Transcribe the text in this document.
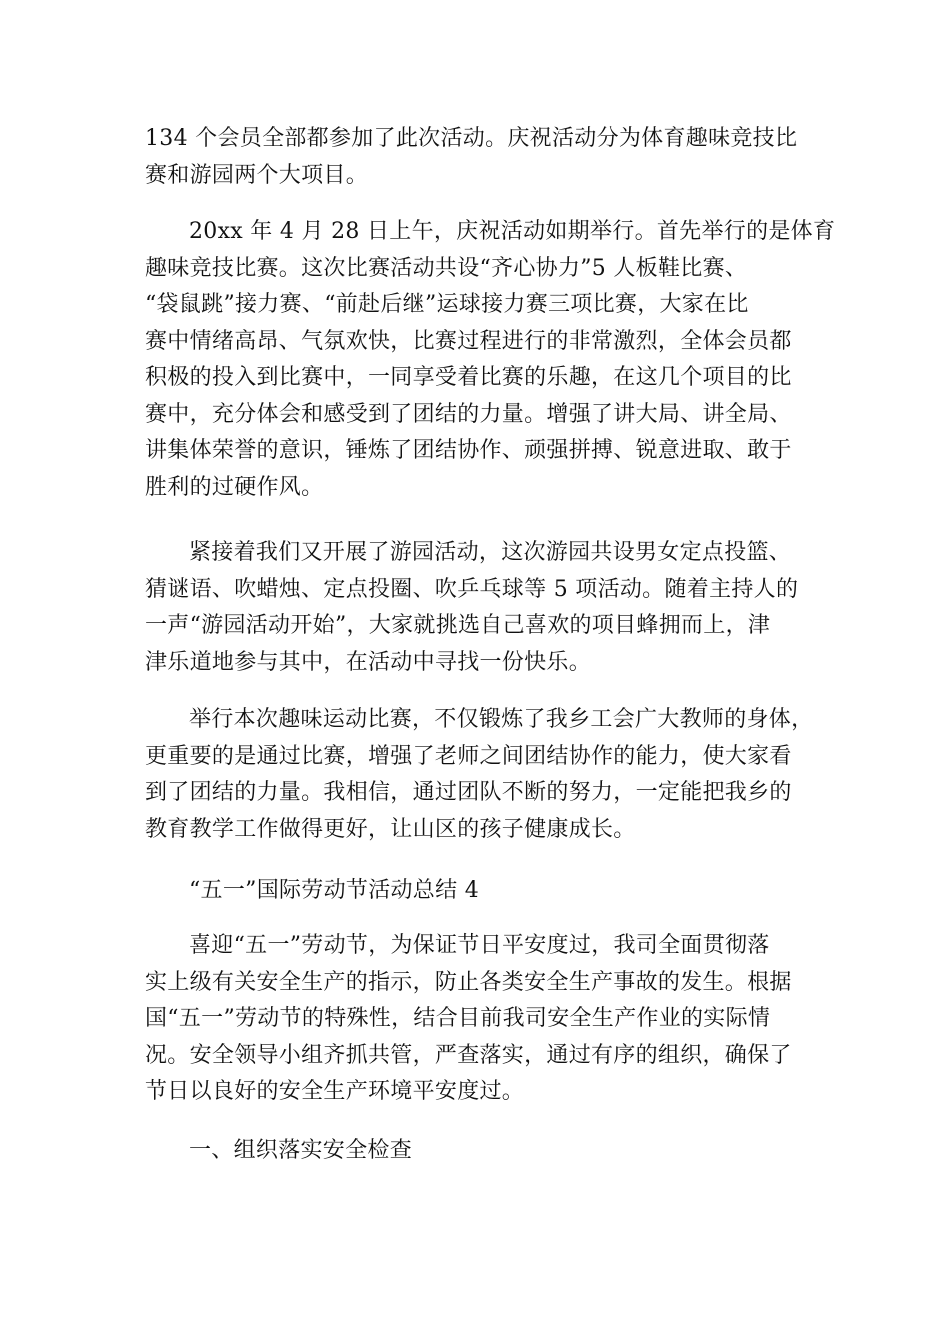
134 个会员全部都参加了此次活动。庆祝活动分为体育趣味竞技比
赛和游园两个大项目。
20xx 年 4 月 28 日上午，庆祝活动如期举行。首先举行的是体育
趣味竞技比赛。这次比赛活动共设“齐心协力”5 人板鞋比赛、
“袋鼠跳”接力赛、“前赴后继”运球接力赛三项比赛，大家在比
赛中情绪高昂、气氛欢快，比赛过程进行的非常激烈，全体会员都
积极的投入到比赛中，一同享受着比赛的乐趣，在这几个项目的比
赛中，充分体会和感受到了团结的力量。增强了讲大局、讲全局、
讲集体荣誉的意识，锤炼了团结协作、顽强拼搏、锐意进取、敢于
胜利的过硬作风。
紧接着我们又开展了游园活动，这次游园共设男女定点投篮、
猜谜语、吹蜡烛、定点投圈、吹乒乓球等 5 项活动。随着主持人的
一声“游园活动开始”，大家就挑选自己喜欢的项目蜂拥而上，津
津乐道地参与其中，在活动中寻找一份快乐。
举行本次趣味运动比赛，不仅锻炼了我乡工会广大教师的身体，
更重要的是通过比赛，增强了老师之间团结协作的能力，使大家看
到了团结的力量。我相信，通过团队不断的努力，一定能把我乡的
教育教学工作做得更好，让山区的孩子健康成长。
“五一”国际劳动节活动总结 4
喜迎“五一”劳动节，为保证节日平安度过，我司全面贯彻落
实上级有关安全生产的指示，防止各类安全生产事故的发生。根据
国“五一”劳动节的特殊性，结合目前我司安全生产作业的实际情
况。安全领导小组齐抓共管，严查落实，通过有序的组织，确保了
节日以良好的安全生产环境平安度过。
一、组织落实安全检查
